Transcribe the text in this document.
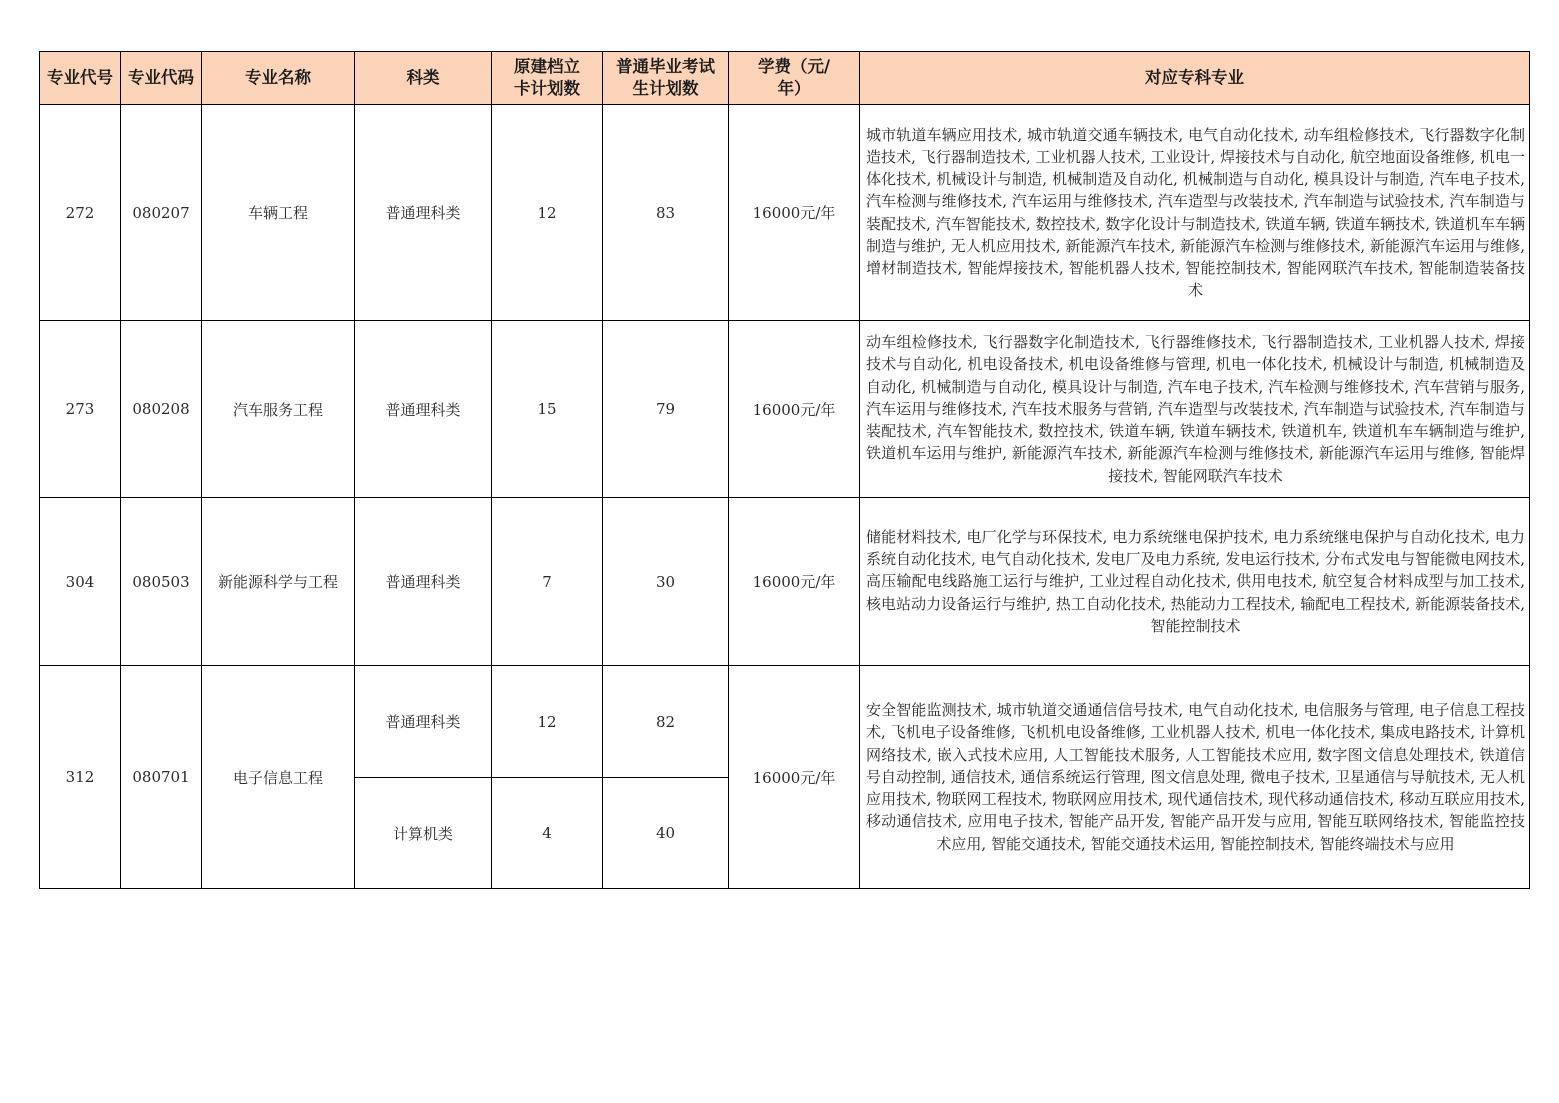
专业代号	专业代码	专业名称	科类	原建档立卡计划数	普通毕业考试生计划数	学费（元/年）	对应专科专业
272	080207	车辆工程	普通理科类	12	83	16000元/年	城市轨道车辆应用技术, 城市轨道交通车辆技术, 电气自动化技术, 动车组检修技术, 飞行器数字化制造技术, 飞行器制造技术, 工业机器人技术, 工业设计, 焊接技术与自动化, 航空地面设备维修, 机电一体化技术, 机械设计与制造, 机械制造及自动化, 机械制造与自动化, 模具设计与制造, 汽车电子技术, 汽车检测与维修技术, 汽车运用与维修技术, 汽车造型与改装技术, 汽车制造与试验技术, 汽车制造与装配技术, 汽车智能技术, 数控技术, 数字化设计与制造技术, 铁道车辆, 铁道车辆技术, 铁道机车车辆制造与维护, 无人机应用技术, 新能源汽车技术, 新能源汽车检测与维修技术, 新能源汽车运用与维修, 增材制造技术, 智能焊接技术, 智能机器人技术, 智能控制技术, 智能网联汽车技术, 智能制造装备技术

273	080208	汽车服务工程	普通理科类	15	79	16000元/年	动车组检修技术, 飞行器数字化制造技术, 飞行器维修技术, 飞行器制造技术, 工业机器人技术, 焊接技术与自动化, 机电设备技术, 机电设备维修与管理, 机电一体化技术, 机械设计与制造, 机械制造及自动化, 机械制造与自动化, 模具设计与制造, 汽车电子技术, 汽车检测与维修技术, 汽车营销与服务, 汽车运用与维修技术, 汽车技术服务与营销, 汽车造型与改装技术, 汽车制造与试验技术, 汽车制造与装配技术, 汽车智能技术, 数控技术, 铁道车辆, 铁道车辆技术, 铁道机车, 铁道机车车辆制造与维护, 铁道机车运用与维护, 新能源汽车技术, 新能源汽车检测与维修技术, 新能源汽车运用与维修, 智能焊接技术, 智能网联汽车技术

304	080503	新能源科学与工程	普通理科类	7	30	16000元/年	储能材料技术, 电厂化学与环保技术, 电力系统继电保护技术, 电力系统继电保护与自动化技术, 电力系统自动化技术, 电气自动化技术, 发电厂及电力系统, 发电运行技术, 分布式发电与智能微电网技术, 高压输配电线路施工运行与维护, 工业过程自动化技术, 供用电技术, 航空复合材料成型与加工技术, 核电站动力设备运行与维护, 热工自动化技术, 热能动力工程技术, 输配电工程技术, 新能源装备技术, 智能控制技术

312	080701	电子信息工程	普通理科类	12	82	16000元/年	安全智能监测技术, 城市轨道交通通信信号技术, 电气自动化技术, 电信服务与管理, 电子信息工程技术, 飞机电子设备维修, 飞机机电设备维修, 工业机器人技术, 机电一体化技术, 集成电路技术, 计算机网络技术, 嵌入式技术应用, 人工智能技术服务, 人工智能技术应用, 数字图文信息处理技术, 铁道信号自动控制, 通信技术, 通信系统运行管理, 图文信息处理, 微电子技术, 卫星通信与导航技术, 无人机应用技术, 物联网工程技术, 物联网应用技术, 现代通信技术, 现代移动通信技术, 移动互联应用技术, 移动通信技术, 应用电子技术, 智能产品开发, 智能产品开发与应用, 智能互联网络技术, 智能监控技术应用, 智能交通技术, 智能交通技术运用, 智能控制技术, 智能终端技术与应用

			计算机类	4	40		
